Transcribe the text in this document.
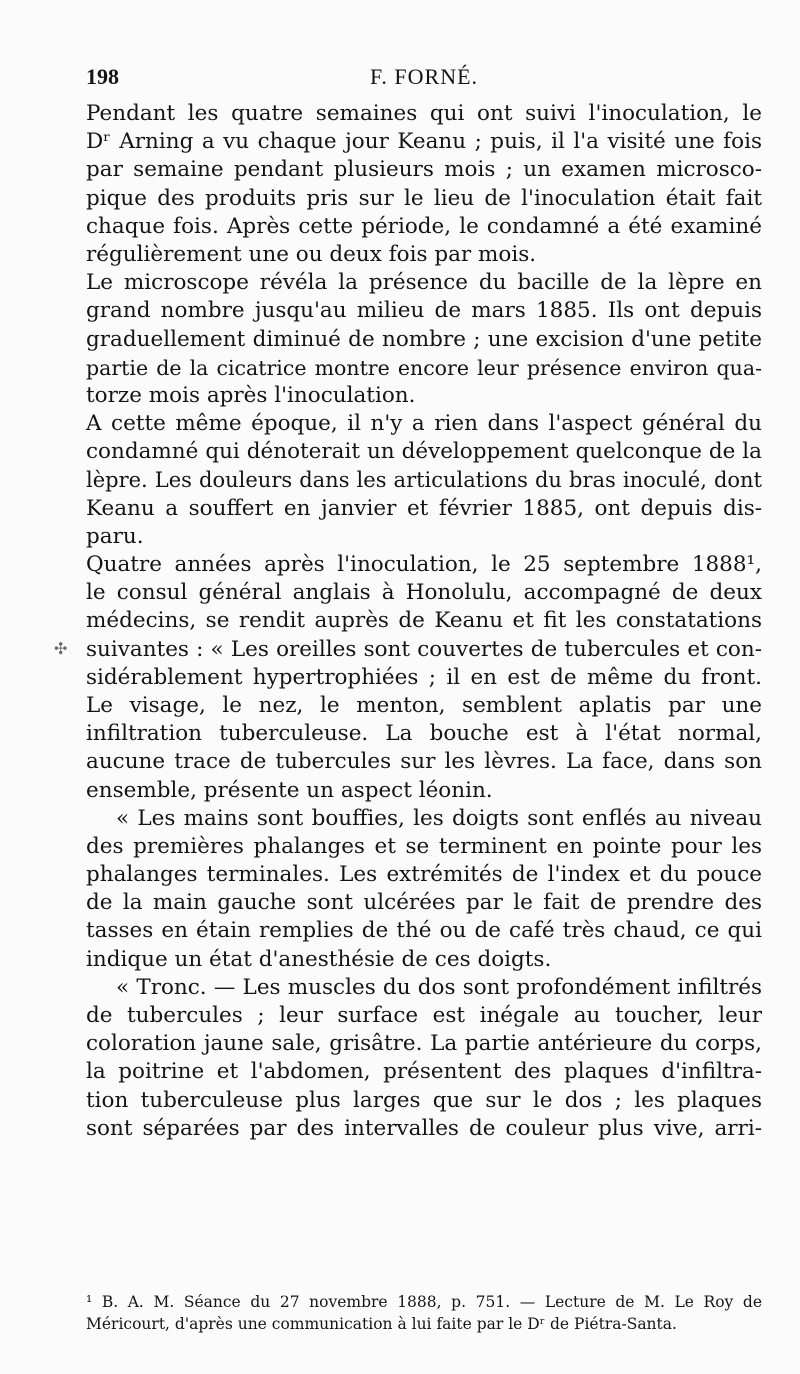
198	F. FORNÉ.
Pendant les quatre semaines qui ont suivi l'inoculation, le
Dʳ Arning a vu chaque jour Keanu ; puis, il l'a visité une fois
par semaine pendant plusieurs mois ; un examen microsco-
pique des produits pris sur le lieu de l'inoculation était fait
chaque fois. Après cette période, le condamné a été examiné
régulièrement une ou deux fois par mois.
Le microscope révéla la présence du bacille de la lèpre en
grand nombre jusqu'au milieu de mars 1885. Ils ont depuis
graduellement diminué de nombre ; une excision d'une petite
partie de la cicatrice montre encore leur présence environ qua-
torze mois après l'inoculation.
A cette même époque, il n'y a rien dans l'aspect général du
condamné qui dénoterait un développement quelconque de la
lèpre. Les douleurs dans les articulations du bras inoculé, dont
Keanu a souffert en janvier et février 1885, ont depuis dis-
paru.
Quatre années après l'inoculation, le 25 septembre 1888¹,
le consul général anglais à Honolulu, accompagné de deux
médecins, se rendit auprès de Keanu et fit les constatations
suivantes : « Les oreilles sont couvertes de tubercules et con-
sidérablement hypertrophiées ; il en est de même du front.
Le visage, le nez, le menton, semblent aplatis par une
infiltration tuberculeuse. La bouche est à l'état normal,
aucune trace de tubercules sur les lèvres. La face, dans son
ensemble, présente un aspect léonin.
« Les mains sont bouffies, les doigts sont enflés au niveau
des premières phalanges et se terminent en pointe pour les
phalanges terminales. Les extrémités de l'index et du pouce
de la main gauche sont ulcérées par le fait de prendre des
tasses en étain remplies de thé ou de café très chaud, ce qui
indique un état d'anesthésie de ces doigts.
« Tronc. — Les muscles du dos sont profondément infiltrés
de tubercules ; leur surface est inégale au toucher, leur
coloration jaune sale, grisâtre. La partie antérieure du corps,
la poitrine et l'abdomen, présentent des plaques d'infiltra-
tion tuberculeuse plus larges que sur le dos ; les plaques
sont séparées par des intervalles de couleur plus vive, arri-
¹ B. A. M. Séance du 27 novembre 1888, p. 751. — Lecture de M. Le Roy de
Méricourt, d'après une communication à lui faite par le Dʳ de Piétra-Santa.
✣
